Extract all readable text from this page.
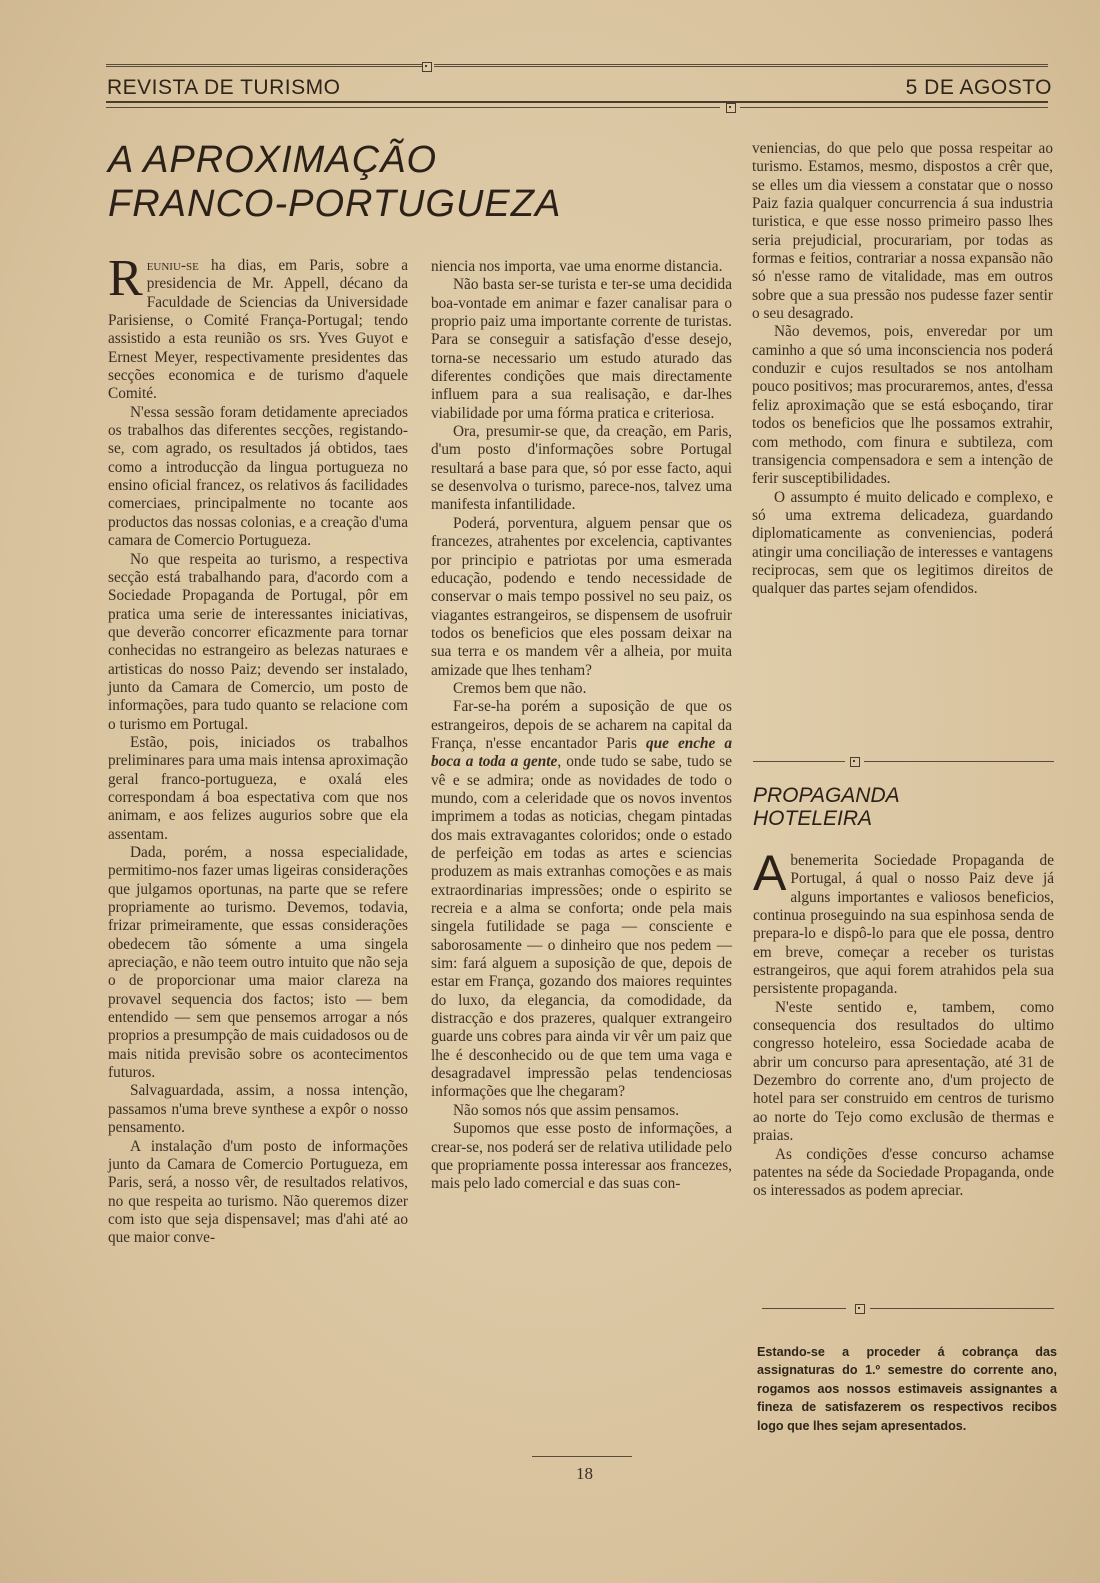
REVISTA DE TURISMO	5 DE AGOSTO
A APROXIMAÇÃO
FRANCO-PORTUGUEZA

Reuniu-se ha dias, em Paris, sobre a presidencia de Mr. Appell, décano da Faculdade de Sciencias da Universidade Parisiense, o Comité França-Portugal; tendo assistido a esta reunião os srs. Yves Guyot e Ernest Meyer, respectivamente presidentes das secções economica e de turismo d'aquele Comité.

N'essa sessão foram detidamente apreciados os trabalhos das diferentes secções, registando-se, com agrado, os resultados já obtidos, taes como a introducção da lingua portugueza no ensino oficial francez, os relativos ás facilidades comerciaes, principalmente no tocante aos productos das nossas colonias, e a creação d'uma camara de Comercio Portugueza.

No que respeita ao turismo, a respectiva secção está trabalhando para, d'acordo com a Sociedade Propaganda de Portugal, pôr em pratica uma serie de interessantes iniciativas, que deverão concorrer eficazmente para tornar conhecidas no estrangeiro as belezas naturaes e artisticas do nosso Paiz; devendo ser instalado, junto da Camara de Comercio, um posto de informações, para tudo quanto se relacione com o turismo em Portugal.

Estão, pois, iniciados os trabalhos preliminares para uma mais intensa aproximação geral franco-portugueza, e oxalá eles correspondam á boa espectativa com que nos animam, e aos felizes augurios sobre que ela assentam.

Dada, porém, a nossa especialidade, permitimo-nos fazer umas ligeiras considerações que julgamos oportunas, na parte que se refere propriamente ao turismo. Devemos, todavia, frizar primeiramente, que essas considerações obedecem tão sómente a uma singela apreciação, e não teem outro intuito que não seja o de proporcionar uma maior clareza na provavel sequencia dos factos; isto — bem entendido — sem que pensemos arrogar a nós proprios a presumpção de mais cuidadosos ou de mais nitida previsão sobre os acontecimentos futuros.

Salvaguardada, assim, a nossa intenção, passamos n'uma breve synthese a expôr o nosso pensamento.

A instalação d'um posto de informações junto da Camara de Comercio Portugueza, em Paris, será, a nosso vêr, de resultados relativos, no que respeita ao turismo. Não queremos dizer com isto que seja dispensavel; mas d'ahi até ao que maior conve-

niencia nos importa, vae uma enorme distancia.

Não basta ser-se turista e ter-se uma decidida boa-vontade em animar e fazer canalisar para o proprio paiz uma importante corrente de turistas. Para se conseguir a satisfação d'esse desejo, torna-se necessario um estudo aturado das diferentes condições que mais directamente influem para a sua realisação, e dar-lhes viabilidade por uma fórma pratica e criteriosa.

Ora, presumir-se que, da creação, em Paris, d'um posto d'informações sobre Portugal resultará a base para que, só por esse facto, aqui se desenvolva o turismo, parece-nos, talvez uma manifesta infantilidade.

Poderá, porventura, alguem pensar que os francezes, atrahentes por excelencia, captivantes por principio e patriotas por uma esmerada educação, podendo e tendo necessidade de conservar o mais tempo possivel no seu paiz, os viagantes estrangeiros, se dispensem de usofruir todos os beneficios que eles possam deixar na sua terra e os mandem vêr a alheia, por muita amizade que lhes tenham?

Cremos bem que não.

Far-se-ha porém a suposição de que os estrangeiros, depois de se acharem na capital da França, n'esse encantador Paris que enche a boca a toda a gente, onde tudo se sabe, tudo se vê e se admira; onde as novidades de todo o mundo, com a celeridade que os novos inventos imprimem a todas as noticias, chegam pintadas dos mais extravagantes coloridos; onde o estado de perfeição em todas as artes e sciencias produzem as mais extranhas comoções e as mais extraordinarias impressões; onde o espirito se recreia e a alma se conforta; onde pela mais singela futilidade se paga — consciente e saborosamente — o dinheiro que nos pedem — sim: fará alguem a suposição de que, depois de estar em França, gozando dos maiores requintes do luxo, da elegancia, da comodidade, da distracção e dos prazeres, qualquer extrangeiro guarde uns cobres para ainda vir vêr um paiz que lhe é desconhecido ou de que tem uma vaga e desagradavel impressão pelas tendenciosas informações que lhe chegaram?

Não somos nós que assim pensamos.

Supomos que esse posto de informações, a crear-se, nos poderá ser de relativa utilidade pelo que propriamente possa interessar aos francezes, mais pelo lado comercial e das suas con-

veniencias, do que pelo que possa respeitar ao turismo. Estamos, mesmo, dispostos a crêr que, se elles um dia viessem a constatar que o nosso Paiz fazia qualquer concurrencia á sua industria turistica, e que esse nosso primeiro passo lhes seria prejudicial, procurariam, por todas as formas e feitios, contrariar a nossa expansão não só n'esse ramo de vitalidade, mas em outros sobre que a sua pressão nos pudesse fazer sentir o seu desagrado.

Não devemos, pois, enveredar por um caminho a que só uma inconsciencia nos poderá conduzir e cujos resultados se nos antolham pouco positivos; mas procuraremos, antes, d'essa feliz aproximação que se está esboçando, tirar todos os beneficios que lhe possamos extrahir, com methodo, com finura e subtileza, com transigencia compensadora e sem a intenção de ferir susceptibilidades.

O assumpto é muito delicado e complexo, e só uma extrema delicadeza, guardando diplomaticamente as conveniencias, poderá atingir uma conciliação de interesses e vantagens reciprocas, sem que os legitimos direitos de qualquer das partes sejam ofendidos.

PROPAGANDA
HOTELEIRA

A benemerita Sociedade Propaganda de Portugal, á qual o nosso Paiz deve já alguns importantes e valiosos beneficios, continua proseguindo na sua espinhosa senda de prepara-lo e dispô-lo para que ele possa, dentro em breve, começar a receber os turistas estrangeiros, que aqui forem atrahidos pela sua persistente propaganda.

N'este sentido e, tambem, como consequencia dos resultados do ultimo congresso hoteleiro, essa Sociedade acaba de abrir um concurso para apresentação, até 31 de Dezembro do corrente ano, d'um projecto de hotel para ser construido em centros de turismo ao norte do Tejo como exclusão de thermas e praias.

As condições d'esse concurso achamse patentes na séde da Sociedade Propaganda, onde os interessados as podem apreciar.

Estando-se a proceder á cobrança das assignaturas do 1.º semestre do corrente ano, rogamos aos nossos estimaveis assignantes a fineza de satisfazerem os respectivos recibos logo que lhes sejam apresentados.

18
